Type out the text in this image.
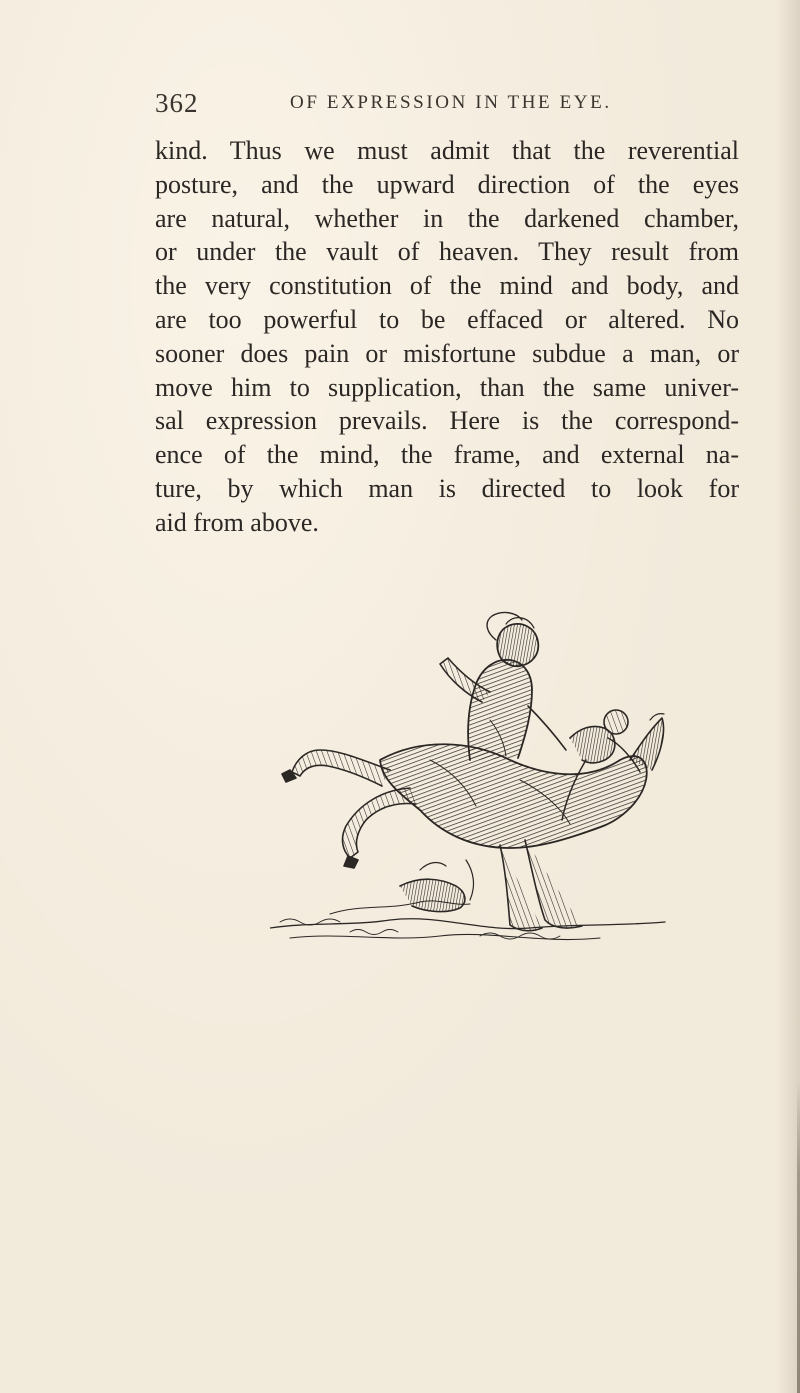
362	OF EXPRESSION IN THE EYE.
kind. Thus we must admit that the reverential
posture, and the upward direction of the eyes
are natural, whether in the darkened chamber,
or under the vault of heaven. They result from
the very constitution of the mind and body, and
are too powerful to be effaced or altered. No
sooner does pain or misfortune subdue a man, or
move him to supplication, than the same univer-
sal expression prevails. Here is the correspond-
ence of the mind, the frame, and external na-
ture, by which man is directed to look for
aid from above.
